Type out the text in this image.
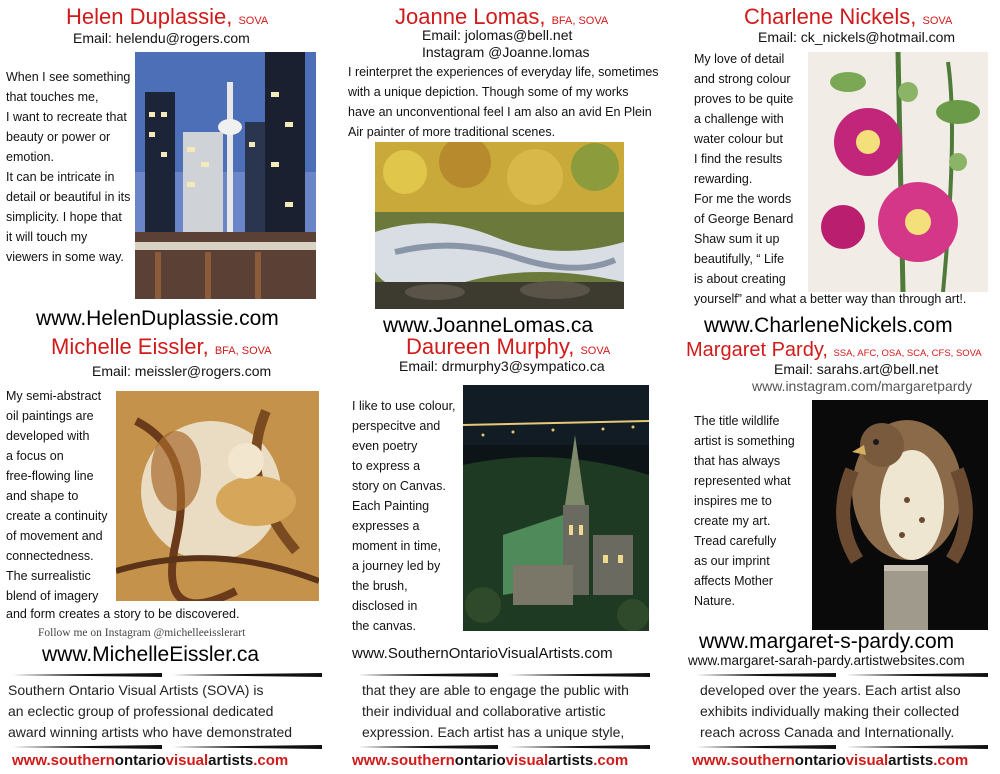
Helen Duplassie, SOVA
Email: helendu@rogers.com
When I see something
that touches me,
I want to recreate that
beauty or power or
emotion.
It can be intricate in
detail or beautiful in its
simplicity. I hope that
it will touch my
viewers in some way.
www.HelenDuplassie.com
Joanne Lomas, BFA, SOVA
Email: jolomas@bell.net
Instagram @Joanne.lomas
I reinterpret the experiences of everyday life, sometimes
with a unique depiction. Though some of my works
have an unconventional feel I am also an avid En Plein
Air painter of more traditional scenes.
www.JoanneLomas.ca
Charlene Nickels, SOVA
Email: ck_nickels@hotmail.com
My love of detail
and strong colour
proves to be quite
a challenge with
water colour but
I find the results
rewarding.
For me the words
of George Benard
Shaw sum it up
beautifully, “ Life
is about creating
yourself” and what a better way than through art!.
www.CharleneNickels.com
Michelle Eissler, BFA, SOVA
Email: meissler@rogers.com
My semi-abstract
oil paintings are
developed with
a focus on
free-flowing line
and shape to
create a continuity
of movement and
connectedness.
The surrealistic
blend of imagery
and form creates a story to be discovered.
Follow me on Instagram @michelleeisslerart
www.MichelleEissler.ca
Daureen Murphy, SOVA
Email: drmurphy3@sympatico.ca
I like to use colour,
perspecitve and
even poetry
to express a
story on Canvas.
Each Painting
expresses a
moment in time,
a journey led by
the brush,
disclosed in
the canvas.
www.SouthernOntarioVisualArtists.com
Margaret Pardy, SSA, AFC, OSA, SCA, CFS, SOVA
Email: sarahs.art@bell.net
www.instagram.com/margaretpardy
The title wildlife
artist is something
that has always
represented what
inspires me to
create my art.
Tread carefully
as our imprint
affects Mother
Nature.
www.margaret-s-pardy.com
www.margaret-sarah-pardy.artistwebsites.com
Southern Ontario Visual Artists (SOVA) is
an eclectic group of professional dedicated
award winning artists who have demonstrated
that they are able to engage the public with
their individual and collaborative artistic
expression. Each artist has a unique style,
developed over the years. Each artist also
exhibits individually making their collected
reach across Canada and Internationally.
www.southernontariovisualartists.com	www.southernontariovisualartists.com	www.southernontariovisualartists.com
